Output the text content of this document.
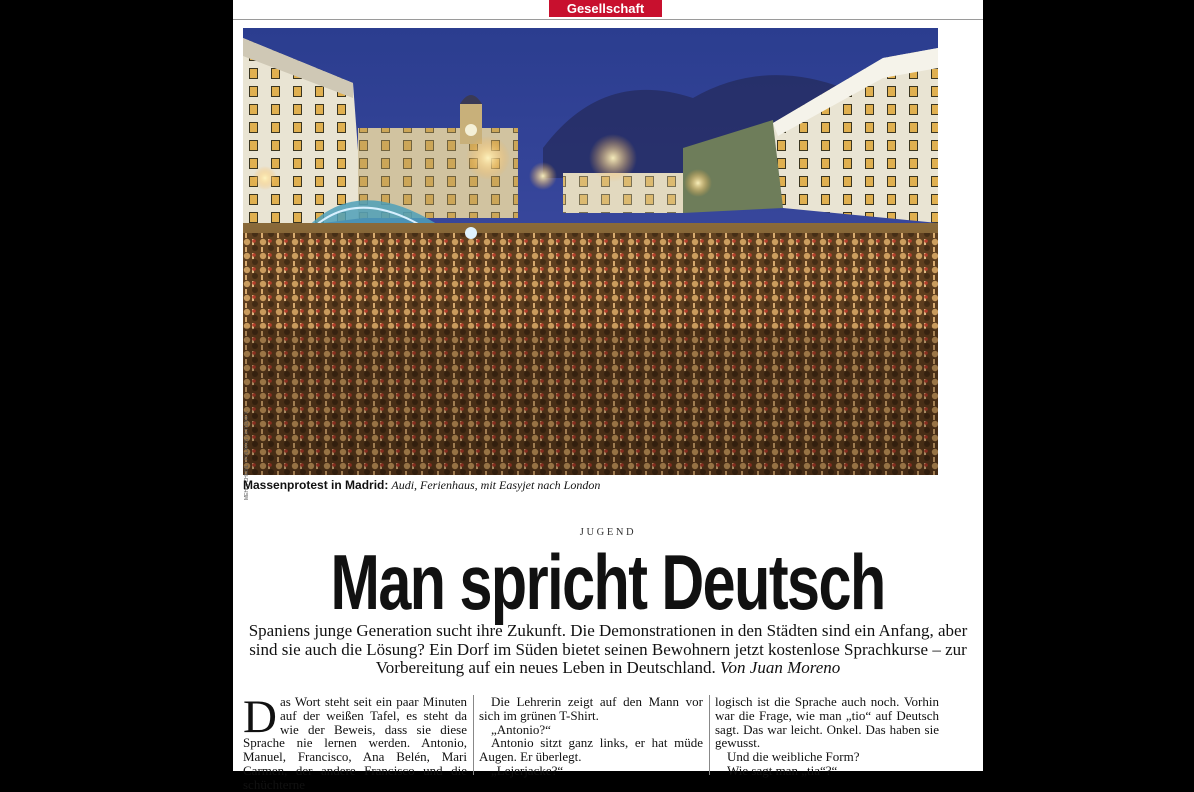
Gesellschaft
MEHDI CHEBIL / POLARIS / STUDIO X
Massenprotest in Madrid: Audi, Ferienhaus, mit Easyjet nach London
JUGEND
Man spricht Deutsch
Spaniens junge Generation sucht ihre Zukunft. Die Demonstrationen in den Städten sind ein Anfang, aber sind sie auch die Lösung? Ein Dorf im Süden bietet seinen Bewohnern jetzt kostenlose Sprachkurse – zur Vorbereitung auf ein neues Leben in Deutschland. Von Juan Moreno
D as Wort steht seit ein paar Minuten auf der weißen Tafel, es steht da wie der Beweis, dass sie diese Sprache nie lernen werden. Antonio, Manuel, Francisco, Ana Belén, Mari Carmen, der andere Francisco und die schüchterne

Die Lehrerin zeigt auf den Mann vor sich im grünen T-Shirt.

„Antonio?“

Antonio sitzt ganz links, er hat müde Augen. Er überlegt.

„Lejerjacke?“

logisch ist die Sprache auch noch. Vorhin war die Frage, wie man „tio“ auf Deutsch sagt. Das war leicht. Onkel. Das haben sie gewusst.

Und die weibliche Form?

Wie sagt man „tia“?“
